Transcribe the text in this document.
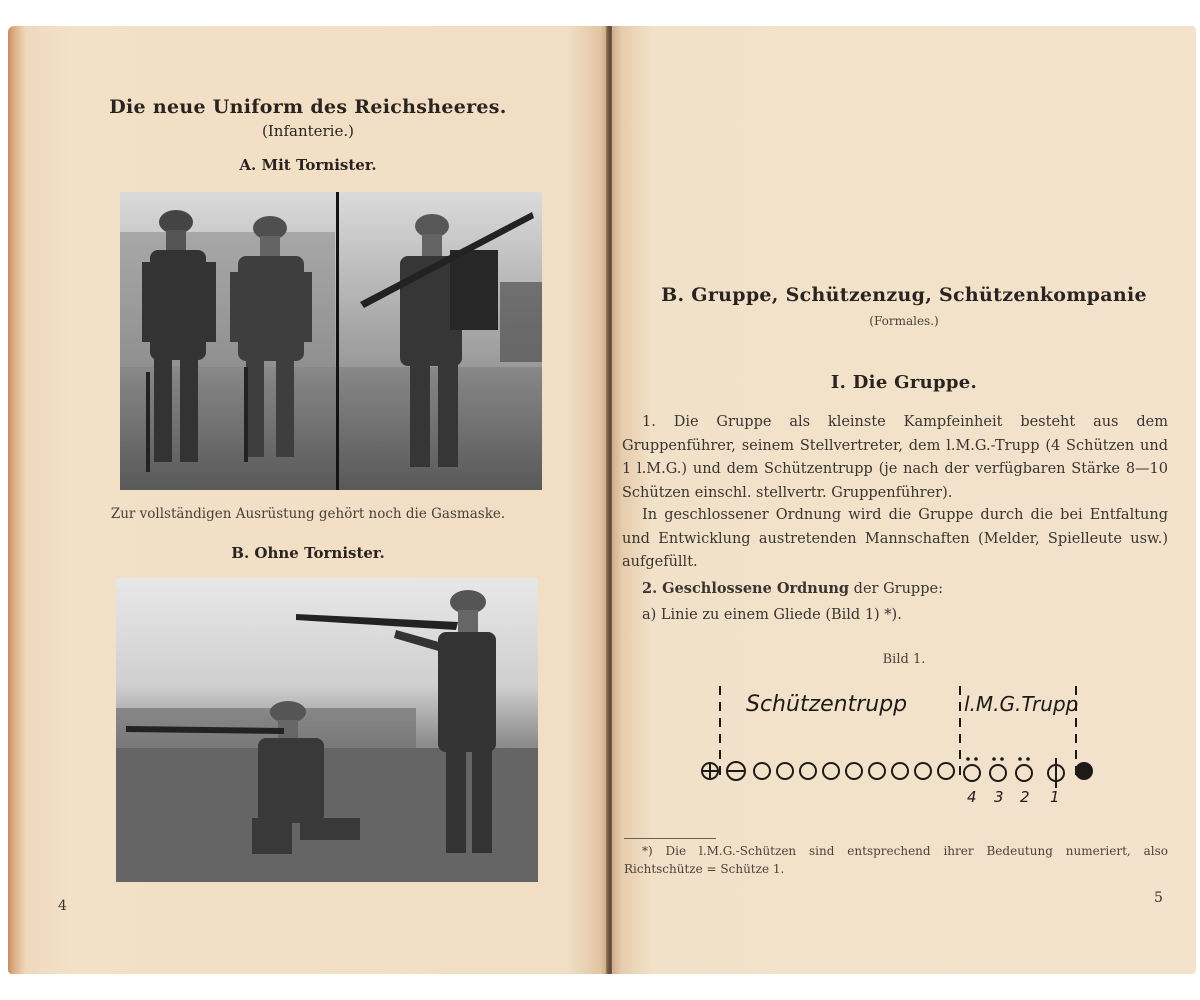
Die neue Uniform des Reichsheeres.
(Infanterie.)
A. Mit Tornister.
Zur vollständigen Ausrüstung gehört noch die Gasmaske.
B. Ohne Tornister.
4
B. Gruppe, Schützenzug, Schützenkompanie
(Formales.)
I. Die Gruppe.
1. Die Gruppe als kleinste Kampfeinheit besteht aus dem Gruppenführer, seinem Stellvertreter, dem l.M.G.-Trupp (4 Schützen und 1 l.M.G.) und dem Schützentrupp (je nach der verfügbaren Stärke 8—10 Schützen einschl. stellvertr. Gruppenführer).
In geschlossener Ordnung wird die Gruppe durch die bei Entfaltung und Entwicklung austretenden Mannschaften (Melder, Spielleute usw.) aufgefüllt.
2. Geschlossene Ordnung der Gruppe:
a) Linie zu einem Gliede (Bild 1) *).
Bild 1.
Schützentrupp	l.M.G.Trupp
4 3 2 1
*) Die l.M.G.-Schützen sind entsprechend ihrer Bedeutung numeriert, also Richtschütze = Schütze 1.
5
